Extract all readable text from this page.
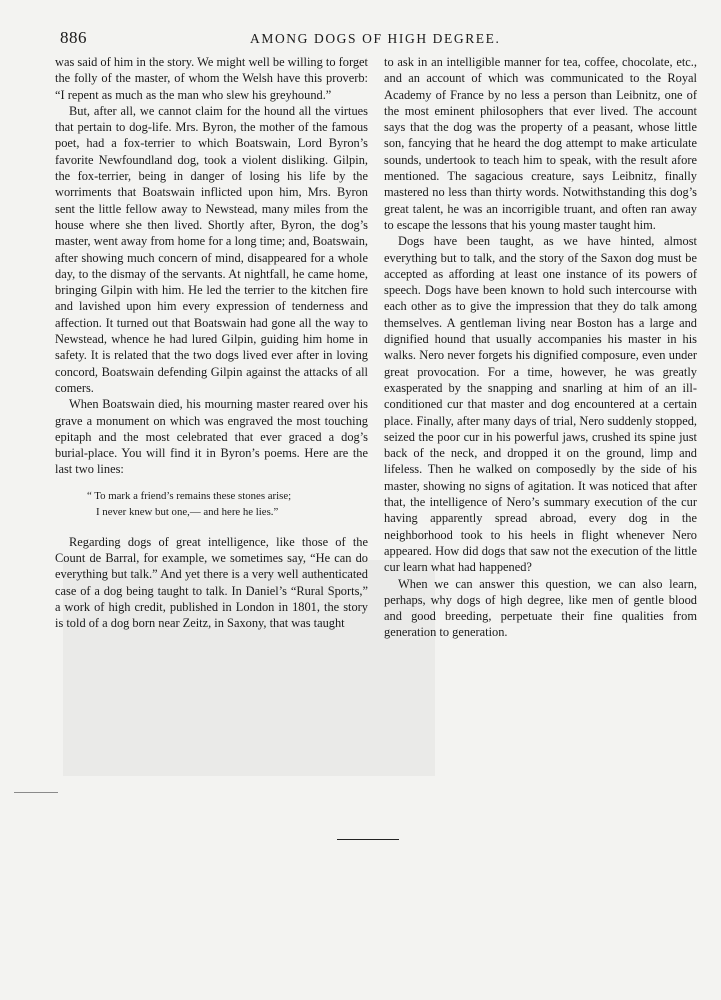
886	AMONG DOGS OF HIGH DEGREE.

was said of him in the story. We might well be willing to forget the folly of the master, of whom the Welsh have this proverb: “I repent as much as the man who slew his greyhound.”

But, after all, we cannot claim for the hound all the virtues that pertain to dog-life. Mrs. Byron, the mother of the famous poet, had a fox-terrier to which Boatswain, Lord Byron’s favorite Newfoundland dog, took a violent disliking. Gilpin, the fox-terrier, being in danger of losing his life by the worriments that Boatswain inflicted upon him, Mrs. Byron sent the little fellow away to Newstead, many miles from the house where she then lived. Shortly after, Byron, the dog’s master, went away from home for a long time; and, Boatswain, after showing much concern of mind, disappeared for a whole day, to the dismay of the servants. At nightfall, he came home, bringing Gilpin with him. He led the terrier to the kitchen fire and lavished upon him every expression of tenderness and affection. It turned out that Boatswain had gone all the way to Newstead, whence he had lured Gilpin, guiding him home in safety. It is related that the two dogs lived ever after in loving concord, Boatswain defending Gilpin against the attacks of all comers.

When Boatswain died, his mourning master reared over his grave a monument on which was engraved the most touching epitaph and the most celebrated that ever graced a dog’s burial-place. You will find it in Byron’s poems. Here are the last two lines:

“ To mark a friend’s remains these stones arise;
I never knew but one,— and here he lies.”

Regarding dogs of great intelligence, like those of the Count de Barral, for example, we sometimes say, “He can do everything but talk.” And yet there is a very well authenticated case of a dog being taught to talk. In Daniel’s “Rural Sports,” a work of high credit, published in London in 1801, the story is told of a dog born near Zeitz, in Saxony, that was taught

to ask in an intelligible manner for tea, coffee, chocolate, etc., and an account of which was communicated to the Royal Academy of France by no less a person than Leibnitz, one of the most eminent philosophers that ever lived. The account says that the dog was the property of a peasant, whose little son, fancying that he heard the dog attempt to make articulate sounds, undertook to teach him to speak, with the result afore mentioned. The sagacious creature, says Leibnitz, finally mastered no less than thirty words. Notwithstanding this dog’s great talent, he was an incorrigible truant, and often ran away to escape the lessons that his young master taught him.

Dogs have been taught, as we have hinted, almost everything but to talk, and the story of the Saxon dog must be accepted as affording at least one instance of its powers of speech. Dogs have been known to hold such intercourse with each other as to give the impression that they do talk among themselves. A gentleman living near Boston has a large and dignified hound that usually accompanies his master in his walks. Nero never forgets his dignified composure, even under great provocation. For a time, however, he was greatly exasperated by the snapping and snarling at him of an ill-conditioned cur that master and dog encountered at a certain place. Finally, after many days of trial, Nero suddenly stopped, seized the poor cur in his powerful jaws, crushed its spine just back of the neck, and dropped it on the ground, limp and lifeless. Then he walked on composedly by the side of his master, showing no signs of agitation. It was noticed that after that, the intelligence of Nero’s summary execution of the cur having apparently spread abroad, every dog in the neighborhood took to his heels in flight whenever Nero appeared. How did dogs that saw not the execution of the little cur learn what had happened?

When we can answer this question, we can also learn, perhaps, why dogs of high degree, like men of gentle blood and good breeding, perpetuate their fine qualities from generation to generation.
